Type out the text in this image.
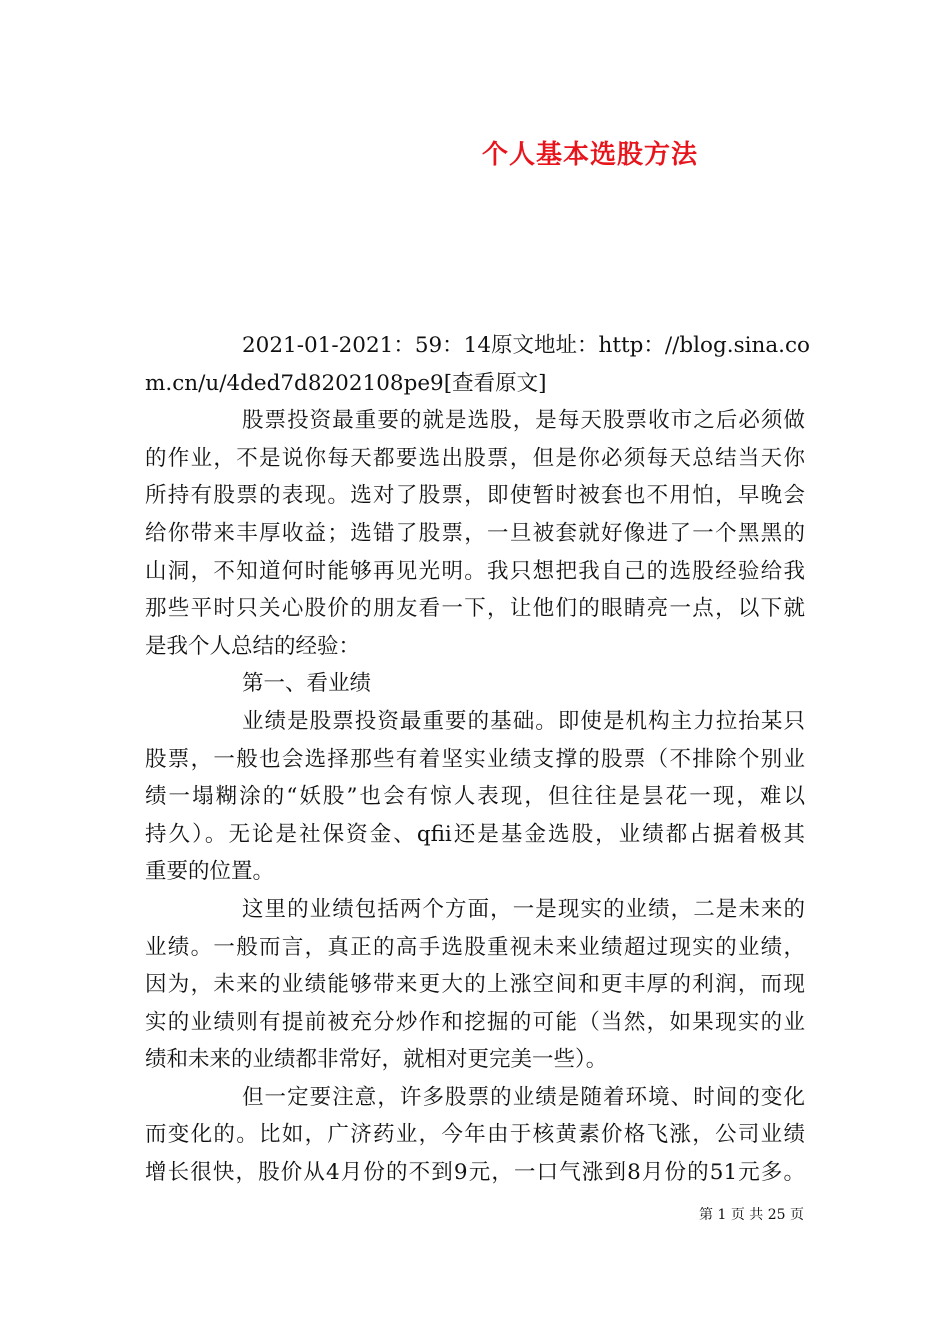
个人基本选股方法
2021-01-2021：59：14原文地址：http：//blog.sina.co
m.cn/u/4ded7d8202108pe9[查看原文]
股票投资最重要的就是选股，是每天股票收市之后必须做
的作业，不是说你每天都要选出股票，但是你必须每天总结当天你
所持有股票的表现。选对了股票，即使暂时被套也不用怕，早晚会
给你带来丰厚收益；选错了股票，一旦被套就好像进了一个黑黑的
山洞，不知道何时能够再见光明。我只想把我自己的选股经验给我
那些平时只关心股价的朋友看一下，让他们的眼睛亮一点，以下就
是我个人总结的经验：
第一、看业绩
业绩是股票投资最重要的基础。即使是机构主力拉抬某只
股票，一般也会选择那些有着坚实业绩支撑的股票（不排除个别业
绩一塌糊涂的“妖股”也会有惊人表现，但往往是昙花一现，难以
持久）。无论是社保资金、qfii还是基金选股，业绩都占据着极其
重要的位置。
这里的业绩包括两个方面，一是现实的业绩，二是未来的
业绩。一般而言，真正的高手选股重视未来业绩超过现实的业绩，
因为，未来的业绩能够带来更大的上涨空间和更丰厚的利润，而现
实的业绩则有提前被充分炒作和挖掘的可能（当然，如果现实的业
绩和未来的业绩都非常好，就相对更完美一些）。
但一定要注意，许多股票的业绩是随着环境、时间的变化
而变化的。比如，广济药业，今年由于核黄素价格飞涨，公司业绩
增长很快，股价从4月份的不到9元，一口气涨到8月份的51元多。
第 1 页 共 25 页
